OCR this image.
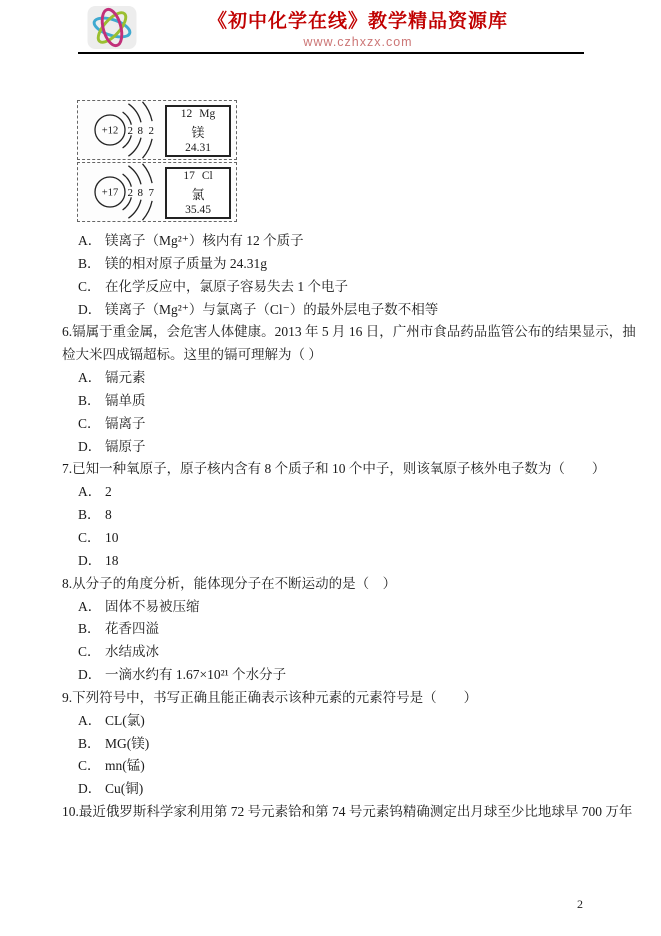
《初中化学在线》教学精品资源库
www.czhxzx.com
+12 2 8 2
12 Mg
镁
24.31
+17 2 8 7
17 Cl
氯
35.45
A． 镁离子（Mg²⁺）核内有 12 个质子
B． 镁的相对原子质量为 24.31g
C． 在化学反应中，氯原子容易失去 1 个电子
D． 镁离子（Mg²⁺）与氯离子（Cl⁻）的最外层电子数不相等
6.镉属于重金属，会危害人体健康。2013 年 5 月 16 日，广州市食品药品监管公布的结果显示，抽
检大米四成镉超标。这里的镉可理解为（ ）
A． 镉元素
B． 镉单质
C． 镉离子
D． 镉原子
7.已知一种氧原子，原子核内含有 8 个质子和 10 个中子，则该氧原子核外电子数为（　　）
A． 2
B． 8
C． 10
D． 18
8.从分子的角度分析，能体现分子在不断运动的是（　）
A． 固体不易被压缩
B． 花香四溢
C． 水结成冰
D． 一滴水约有 1.67×10²¹ 个水分子
9.下列符号中，书写正确且能正确表示该种元素的元素符号是（　　）
A． CL(氯)
B． MG(镁)
C． mn(锰)
D． Cu(铜)
10.最近俄罗斯科学家利用第 72 号元素铪和第 74 号元素钨精确测定出月球至少比地球早 700 万年
2
